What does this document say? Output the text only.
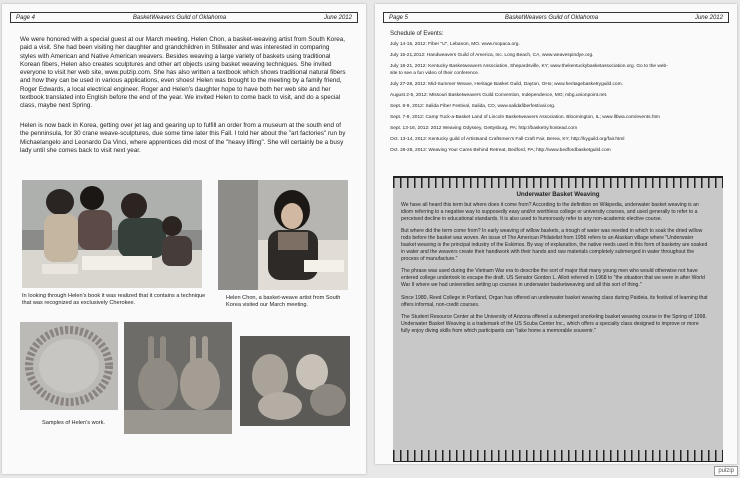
Page 4	BasketWeavers Guild of Oklahoma	June 2012
We were honored with a special guest at our March meeting. Helen Chon, a basket-weaving artist from South Korea, paid a visit. She had been visiting her daughter and grandchildren in Stillwater and was interested in comparing styles with American and Native American weavers. Besides weaving a large variety of baskets using traditional Korean fibers, Helen also creates sculptures and other art objects using basket weaving techniques. She invited everyone to visit her web site, www.pulzip.com. She has also written a textbook which shows traditional natural fibers and how they can be used in various applications, even shoes! Helen was brought to the meeting by a family friend, Roger Edwards, a local electrical engineer. Roger and Helen's daughter hope to have both her web site and her textbook translated into English before the end of the year. We invited Helen to come back to visit, and do a special class, maybe next Spring.
Helen is now back in Korea, getting over jet lag and gearing up to fulfill an order from a museum at the south end of the penninsula, for 30 crane weave-sculptures, due some time later this Fall. I told her about the "art factories" run by Michaelangelo and Leonardo Da Vinci, where apprentices did most of the "heavy lifting". She will certainly be a busy lady until she comes back to visit next year.
In looking through Helen's book it was realized that it contains a technique that was recognized as exclusively Cherokee.
Helen Chon, a basket-weave artist from South Korea visited our March meeting.
Samples of Helen's work.
Page 5	BasketWeavers Guild of Oklahoma	June 2012
Schedule of Events:
July 14-15, 2012: Fiber "U", Lebanon, MO. www.mopaca.org.
July 15-21,2012: Handweavers Guild of America, Inc. Long Beach, CA, www.weavespindye.org.
July 18-21, 2012: Kentucky Basketweavers Association, Shepardsville, KY; www.thekentuckybasketassociation.org. Go to the web-
site to see a fun video of their conference.
July 27-28, 2012: Mid-Summer Weave, Heritage Basket Guild, Dayton, OHo; www.heritagebasketryguild.com.
August 2-5, 2012: Missouri Basketweavers Guild Convention, Independence, MO; mbg.unionpoint.net.
Sept. 8-9, 2012: Salida Fiber Festival, Salida, CO, www.salidafiberfestival.org.
Sept. 7-9, 2012: Camp Tuck-a-Basket Land of Lincoln Basketweavers Association. Bloomington, IL; www.llbwa.com/events.htm
Sept. 13-16, 2012: 2012 Weaving Odyssey, Gettysburg, PA; http://basketry.hostead.com
Oct. 13-14, 2012: Kentucky guild of Artistsand Craftsmen's Fall Craft Fair, Berea, KY; http://kyguild.org/fair.html
Oct. 26-28, 2012: Weaving Your Cares Behind Retreat, Bedford, PA; http://www.bedfordbasketguild.com
Underwater Basket Weaving

We have all heard this term but where does it come from? According to the definition on Wikipedia, underwater basket weaving is an idiom referring to a negative way to supposedly easy and/or worthless college or university courses, and used generally to refer to a perceived decline in educational standards. It is also used to humorously refer to any non-academic elective course.

But where did the term come from? In early weaving of willow baskets, a trough of water was needed in which to soak the dried willow rods before the basket was woven. An issue of The American Philatelist from 1956 refers to an Alaskan village where "Underwater basket weaving is the principal industry of the Eskimos. By way of explanation, the native reeds used in this form of basketry are soaked in water and the weavers create their handiwork with their hands and raw materials completely submerged in water throughout the process of manufacture."

The phrase was used during the Vietnam War era to describe the sort of major that many young men who would otherwise not have entered college undertook to escape the draft. US Senator Gordon L. Allott referred in 1968 to "the situation that we were in after World War II where we had universities setting up courses in underwater basketweaving and all this sort of thing."

Since 1980, Reed College in Portland, Organ has offered an underwater basket weaving class during Paideia, its festival of learning that offers informal, non-credit courses.

The Student Resource Center at the University of Arizona offered a submerged snorkeling basket weaving course in the Spring of 1998. Underwater Basket Weaving is a trademark of the US Scuba Center Inc., which offers a specialty class designed to improve or more fully enjoy diving skills from which participants can "take home a memorable souvenir."

pulzip
